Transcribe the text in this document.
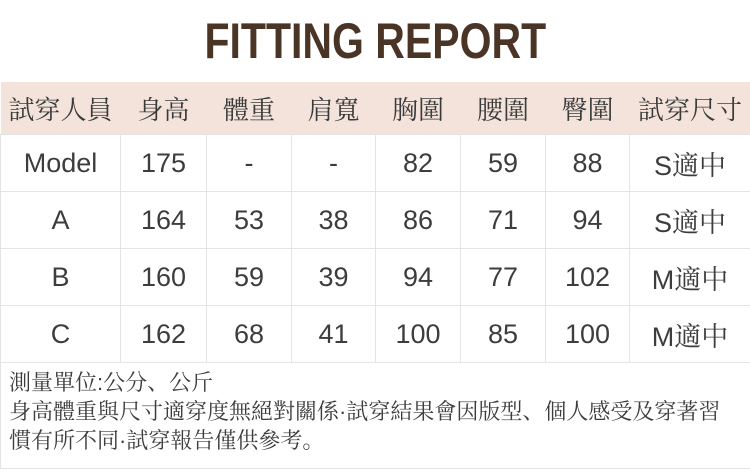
FITTING REPORT
試穿人員	身高	體重	肩寬	胸圍	腰圍	臀圍	試穿尺寸
Model	175	-	-	82	59	88	S適中
A	164	53	38	86	71	94	S適中
B	160	59	39	94	77	102	M適中
C	162	68	41	100	85	100	M適中

測量單位:公分、公斤
身高體重與尺寸適穿度無絕對關係·試穿結果會因版型、個人感受及穿著習
慣有所不同·試穿報告僅供參考。							
